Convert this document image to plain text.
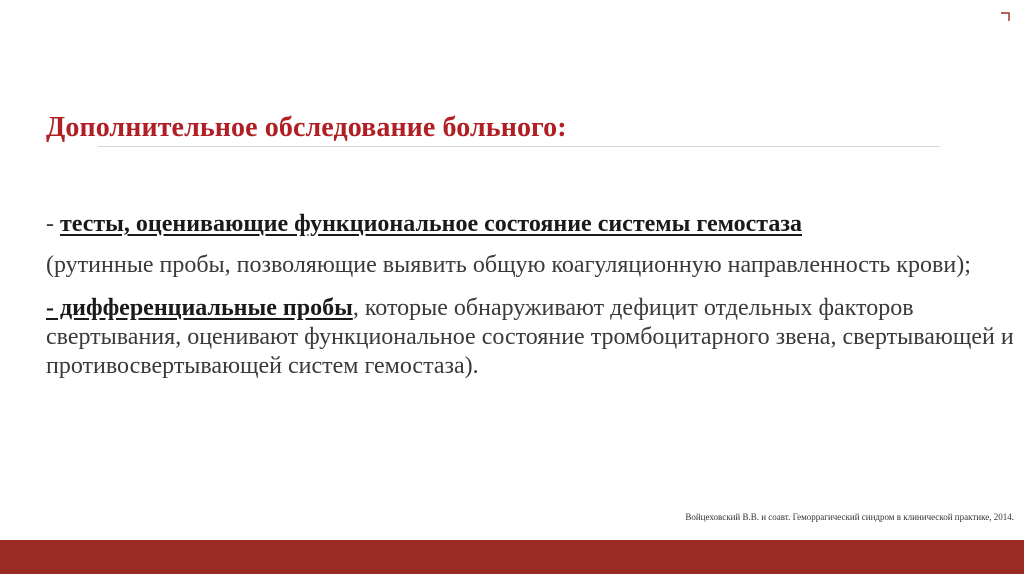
Дополнительное обследование больного:

- тесты, оценивающие функциональное состояние системы гемостаза

(рутинные пробы, позволяющие выявить общую коагуляционную направленность крови);

- дифференциальные пробы, которые обнаруживают дефицит отдельных факторов свертывания, оценивают функциональное состояние тромбоцитарного звена, свертывающей и противосвертывающей систем гемостаза).

Войцеховский В.В. и соавт. Геморрагический синдром в клинической практике, 2014.
